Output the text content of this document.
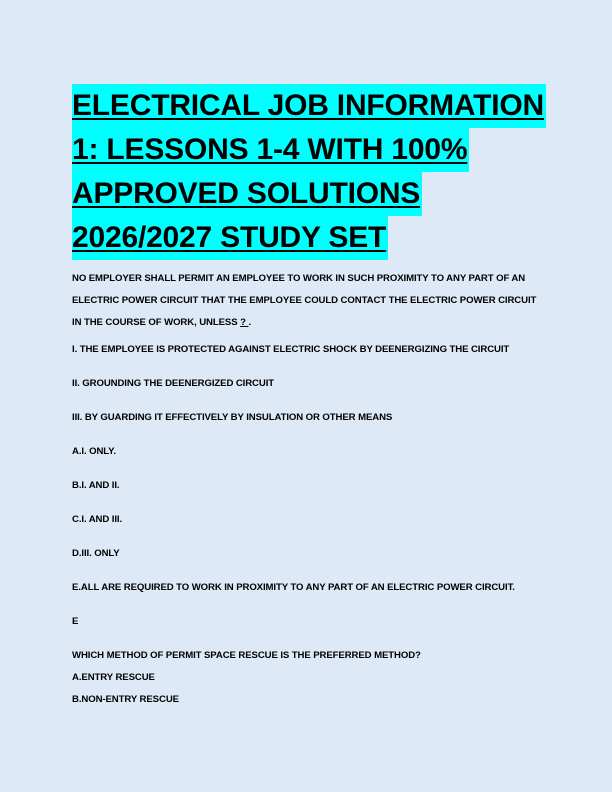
ELECTRICAL JOB INFORMATION
1: LESSONS 1-4 WITH 100%
APPROVED SOLUTIONS
2026/2027 STUDY SET
NO EMPLOYER SHALL PERMIT AN EMPLOYEE TO WORK IN SUCH PROXIMITY TO ANY PART OF AN ELECTRIC POWER CIRCUIT THAT THE EMPLOYEE COULD CONTACT THE ELECTRIC POWER CIRCUIT IN THE COURSE OF WORK, UNLESS ? .
I. THE EMPLOYEE IS PROTECTED AGAINST ELECTRIC SHOCK BY DEENERGIZING THE CIRCUIT
II. GROUNDING THE DEENERGIZED CIRCUIT
III. BY GUARDING IT EFFECTIVELY BY INSULATION OR OTHER MEANS
A.I. ONLY.
B.I. AND II.
C.I. AND III.
D.III. ONLY
E.ALL ARE REQUIRED TO WORK IN PROXIMITY TO ANY PART OF AN ELECTRIC POWER CIRCUIT.
E
WHICH METHOD OF PERMIT SPACE RESCUE IS THE PREFERRED METHOD?
A.ENTRY RESCUE
B.NON-ENTRY RESCUE
